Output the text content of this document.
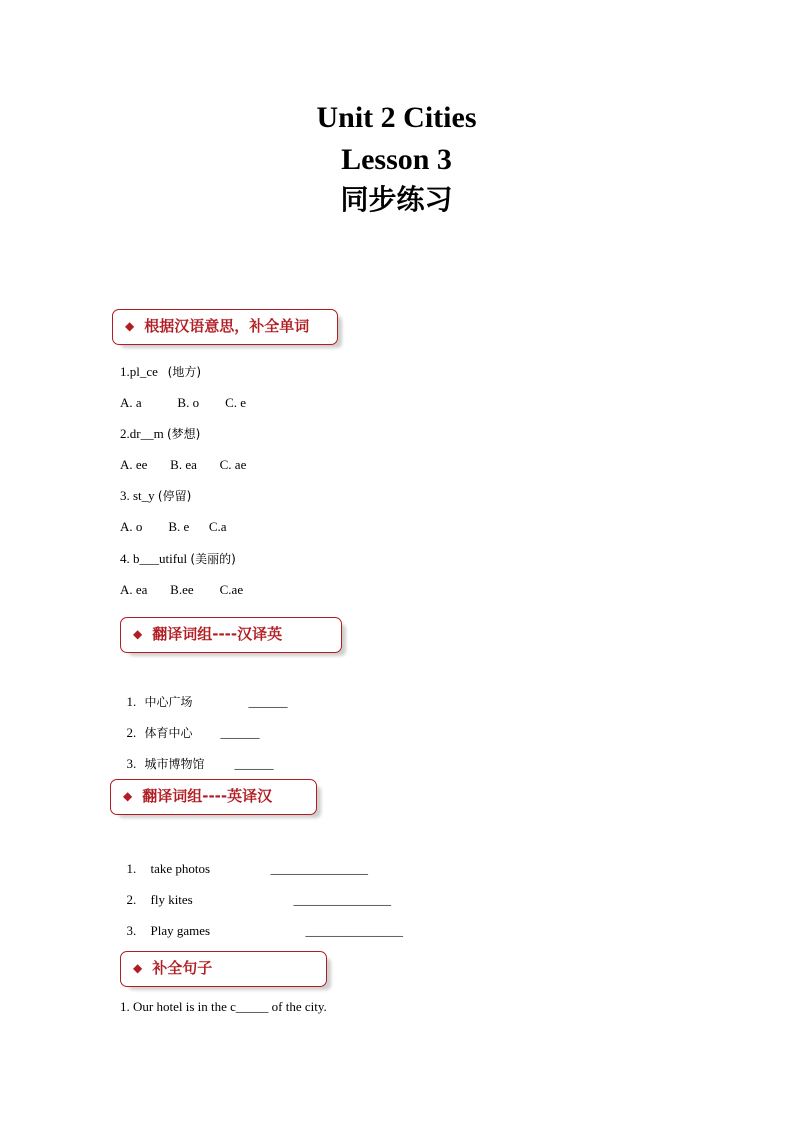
Unit 2 Cities
Lesson 3
同步练习
◆ 根据汉语意思，补全单词
1.pl_ce (地方)
A. a           B. o        C. e
2.dr__m (梦想)
A. ee       B. ea       C. ae
3. st_y (停留)
A. o        B. e      C.a
4. b___utiful (美丽的)
A. ea       B.ee        C.ae
◆ 翻译词组----汉译英

1. 中心广场	______

2. 体育中心 ______

3. 城市博物馆 ______

◆ 翻译词组----英译汉

1. take photos	_______________

2. fly kites	_______________

3. Play games	_______________

◆ 补全句子
1. Our hotel is in the c_____ of the city.
